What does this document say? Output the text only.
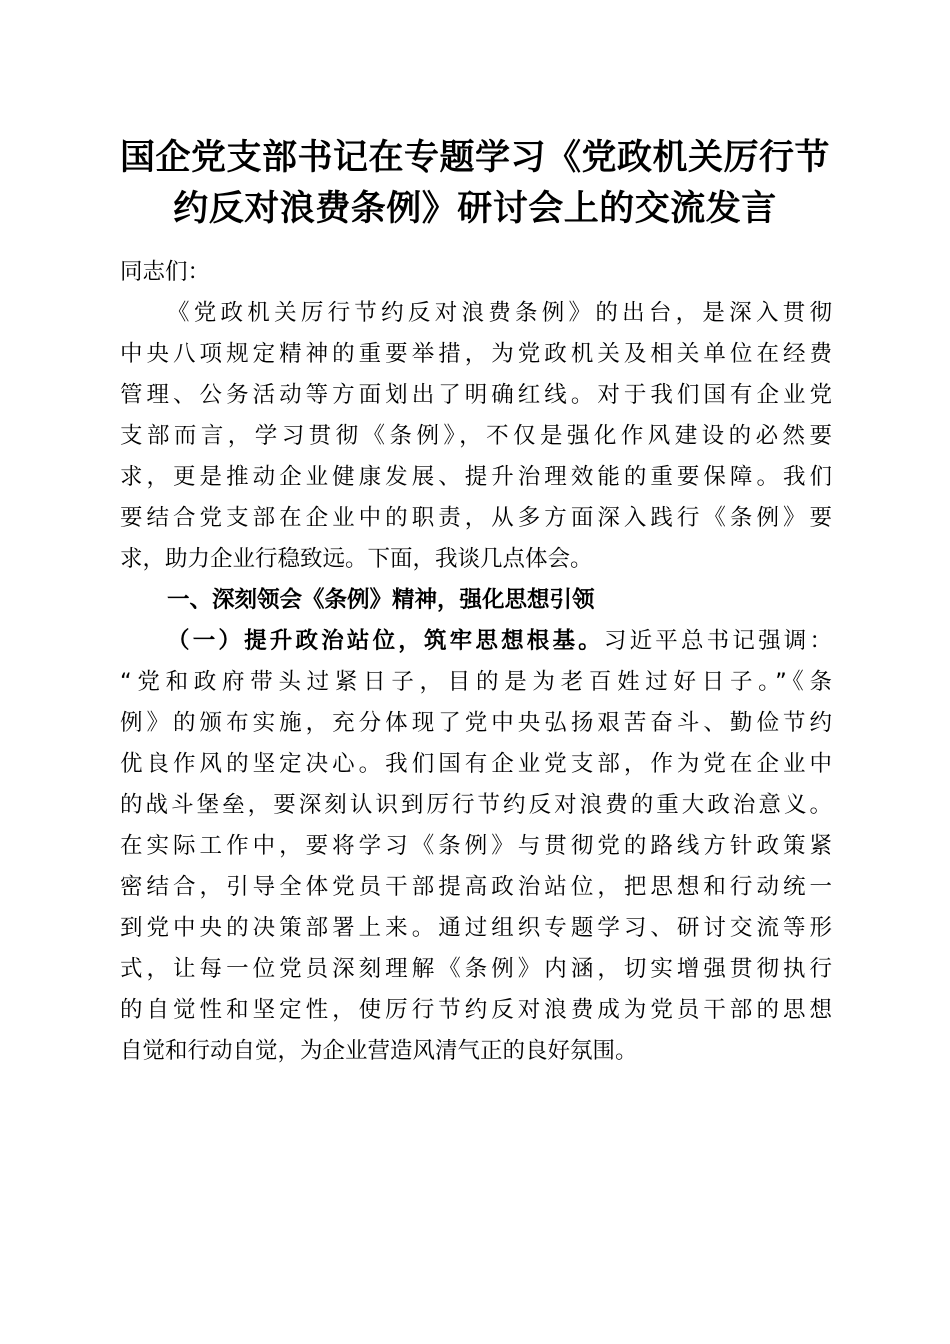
国企党支部书记在专题学习《党政机关厉行节
约反对浪费条例》研讨会上的交流发言
同志们：
《党政机关厉行节约反对浪费条例》的出台，是深入贯彻
中央八项规定精神的重要举措，为党政机关及相关单位在经费
管理、公务活动等方面划出了明确红线。对于我们国有企业党
支部而言，学习贯彻《条例》，不仅是强化作风建设的必然要
求，更是推动企业健康发展、提升治理效能的重要保障。我们
要结合党支部在企业中的职责，从多方面深入践行《条例》要
求，助力企业行稳致远。下面，我谈几点体会。
一、深刻领会《条例》精神，强化思想引领
（一）提升政治站位，筑牢思想根基。习近平总书记强调：
“党和政府带头过紧日子，目的是为老百姓过好日子。”《条
例》的颁布实施，充分体现了党中央弘扬艰苦奋斗、勤俭节约
优良作风的坚定决心。我们国有企业党支部，作为党在企业中
的战斗堡垒，要深刻认识到厉行节约反对浪费的重大政治意义。
在实际工作中，要将学习《条例》与贯彻党的路线方针政策紧
密结合，引导全体党员干部提高政治站位，把思想和行动统一
到党中央的决策部署上来。通过组织专题学习、研讨交流等形
式，让每一位党员深刻理解《条例》内涵，切实增强贯彻执行
的自觉性和坚定性，使厉行节约反对浪费成为党员干部的思想
自觉和行动自觉，为企业营造风清气正的良好氛围。
